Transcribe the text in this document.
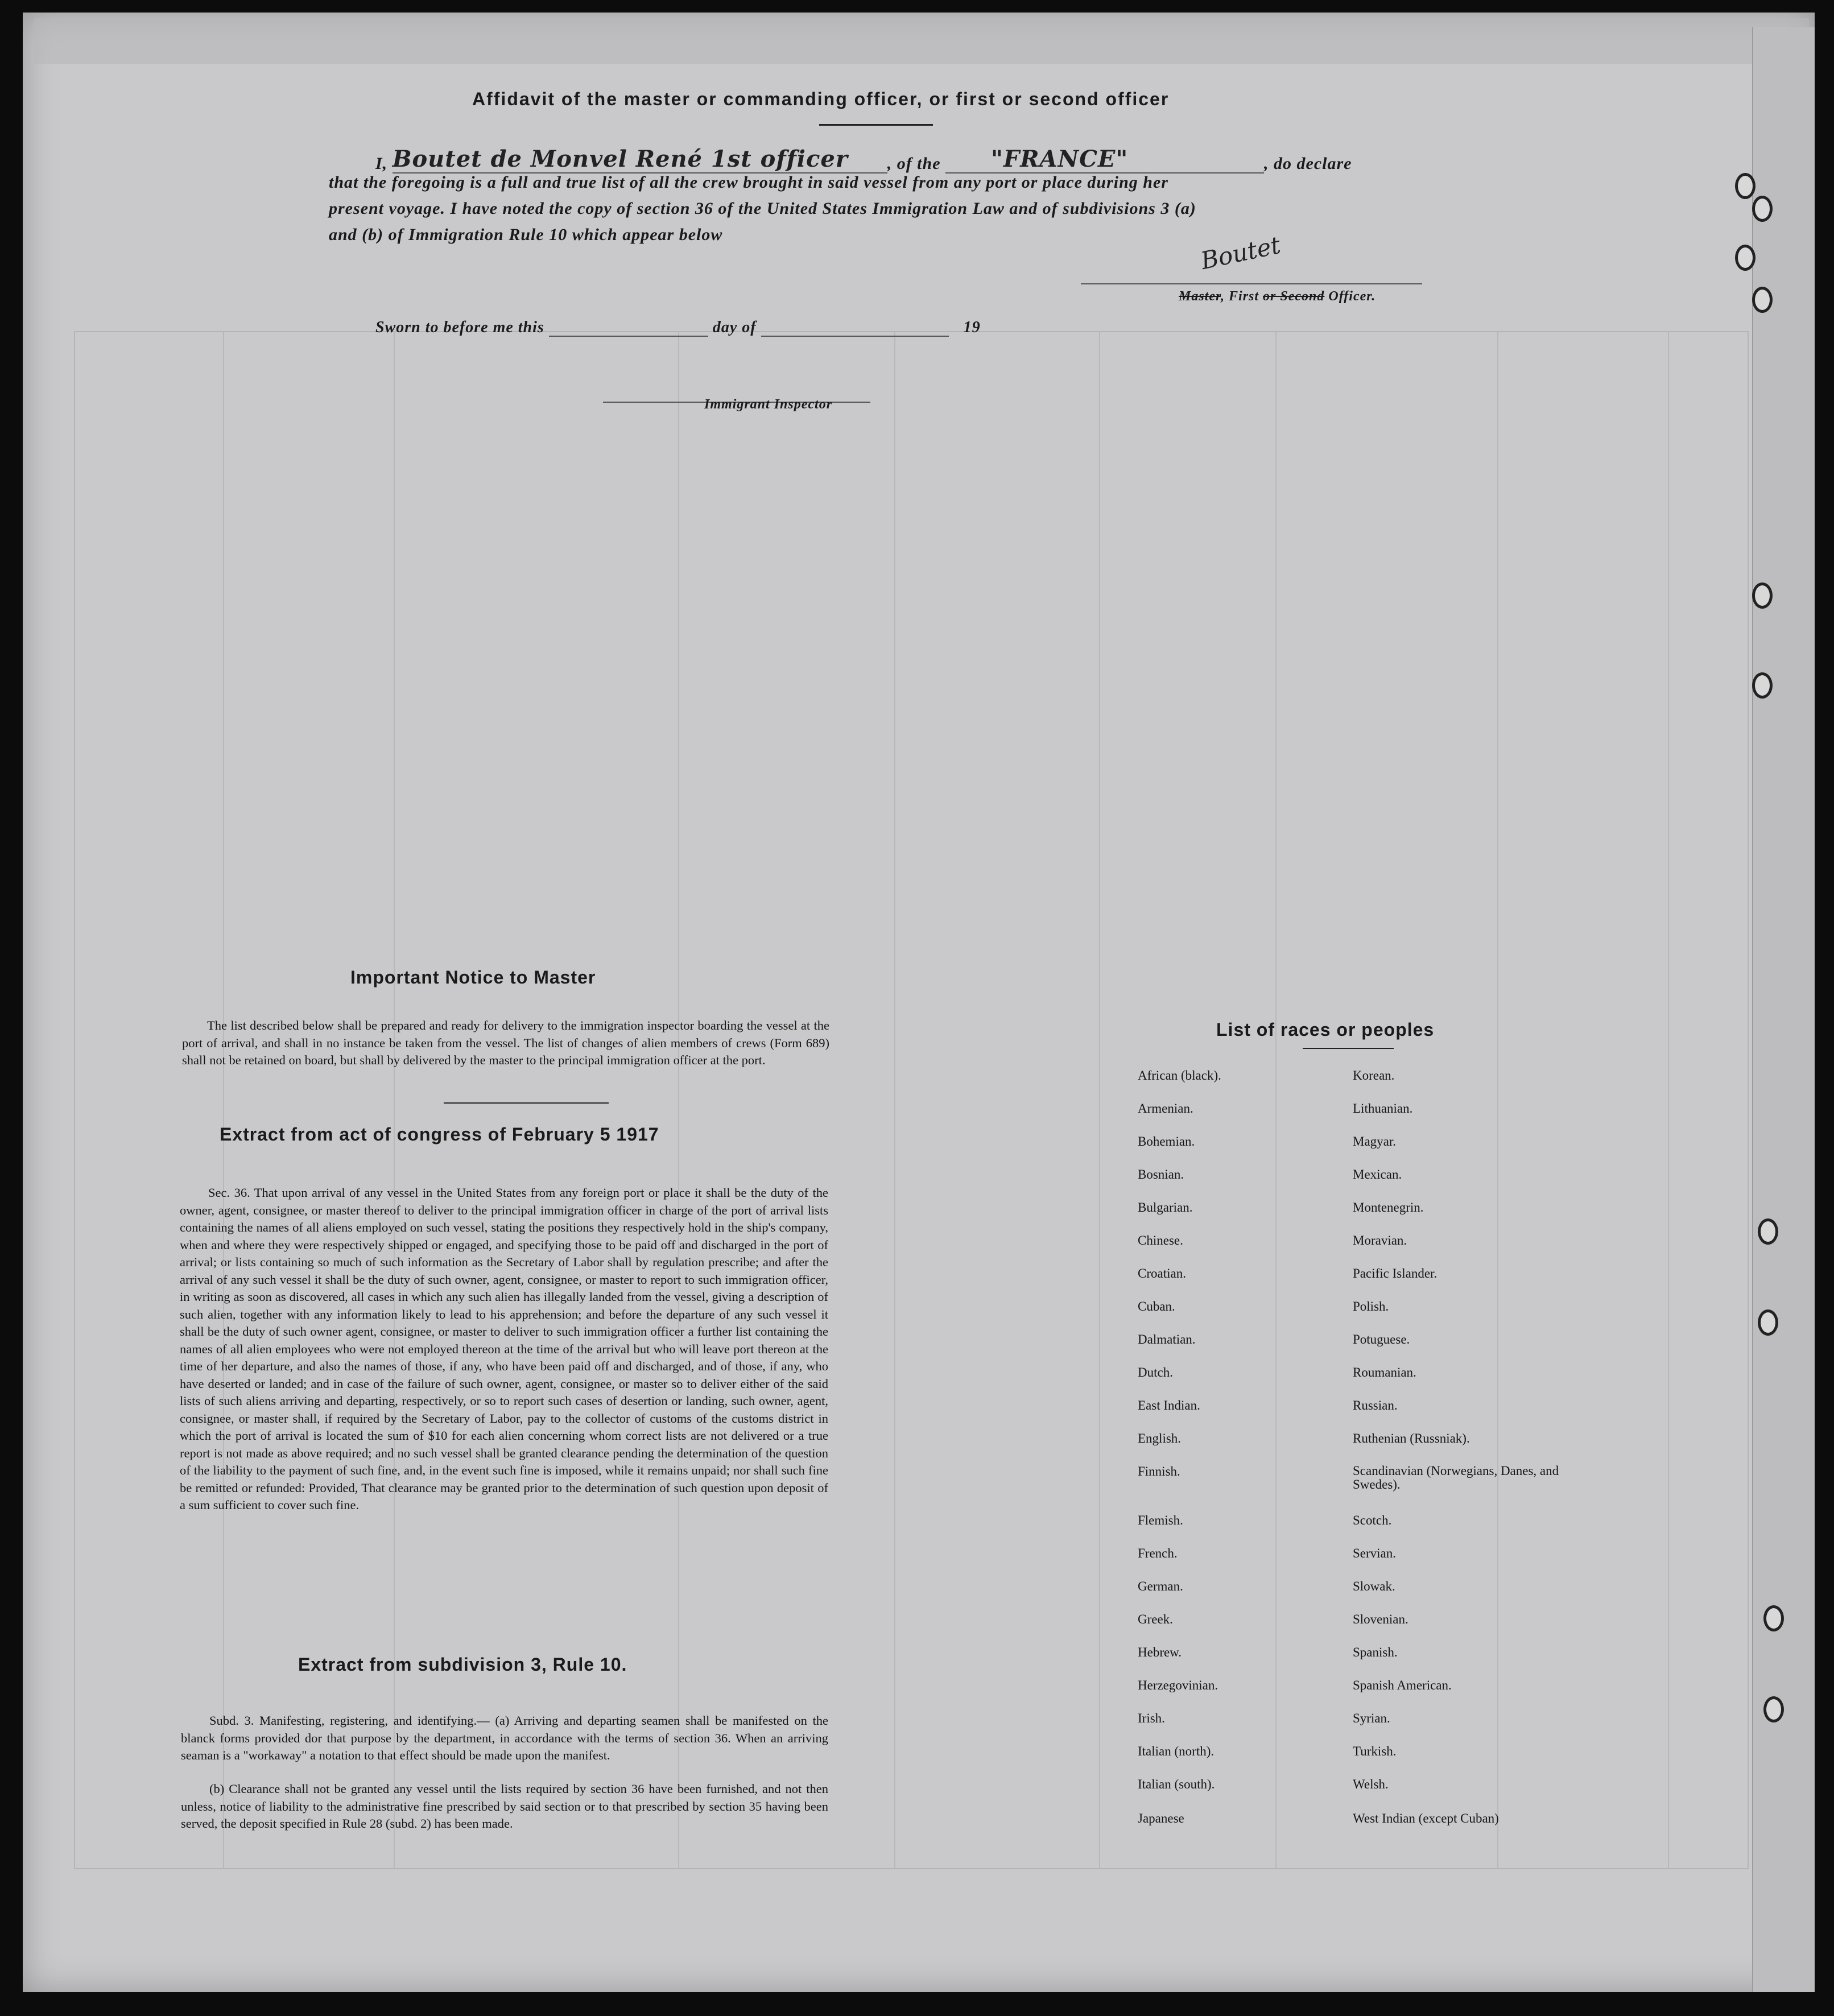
Affidavit of the master or commanding officer, or first or second officer
I, Boutet de Monvel René 1st officer , of the "FRANCE"	, do declare
that the foregoing is a full and true list of all the crew brought in said vessel from any port or place during her
present voyage. I have noted the copy of section 36 of the United States Immigration Law and of subdivisions 3 (a)
and (b) of Immigration Rule 10 which appear below	Boutet
Master, First or Second Officer.
Sworn to before me this	day of	19
Immigrant Inspector
Important Notice to Master
The list described below shall be prepared and ready for delivery to the immigration inspector boarding the vessel at the port of arrival, and shall in no instance be taken from the vessel. The list of changes of alien members of crews (Form 689) shall not be retained on board, but shall by delivered by the master to the principal immigration officer at the port.
Extract from act of congress of February 5 1917
Sec. 36. That upon arrival of any vessel in the United States from any foreign port or place it shall be the duty of the owner, agent, consignee, or master thereof to deliver to the principal immigration officer in charge of the port of arrival lists containing the names of all aliens employed on such vessel, stating the positions they respectively hold in the ship's company, when and where they were respectively shipped or engaged, and specifying those to be paid off and discharged in the port of arrival; or lists containing so much of such information as the Secretary of Labor shall by regulation prescribe; and after the arrival of any such vessel it shall be the duty of such owner, agent, consignee, or master to report to such immigration officer, in writing as soon as discovered, all cases in which any such alien has illegally landed from the vessel, giving a description of such alien, together with any information likely to lead to his apprehension; and before the departure of any such vessel it shall be the duty of such owner agent, consignee, or master to deliver to such immigration officer a further list containing the names of all alien employees who were not employed thereon at the time of the arrival but who will leave port thereon at the time of her departure, and also the names of those, if any, who have been paid off and discharged, and of those, if any, who have deserted or landed; and in case of the failure of such owner, agent, consignee, or master so to deliver either of the said lists of such aliens arriving and departing, respectively, or so to report such cases of desertion or landing, such owner, agent, consignee, or master shall, if required by the Secretary of Labor, pay to the collector of customs of the customs district in which the port of arrival is located the sum of $10 for each alien concerning whom correct lists are not delivered or a true report is not made as above required; and no such vessel shall be granted clearance pending the determination of the question of the liability to the payment of such fine, and, in the event such fine is imposed, while it remains unpaid; nor shall such fine be remitted or refunded: Provided, That clearance may be granted prior to the determination of such question upon deposit of a sum sufficient to cover such fine.
Extract from subdivision 3, Rule 10.
Subd. 3. Manifesting, registering, and identifying.— (a) Arriving and departing seamen shall be manifested on the blanck forms provided dor that purpose by the department, in accordance with the terms of section 36. When an arriving seaman is a "workaway" a notation to that effect should be made upon the manifest.
(b) Clearance shall not be granted any vessel until the lists required by section 36 have been furnished, and not then unless, notice of liability to the administrative fine prescribed by said section or to that prescribed by section 35 having been served, the deposit specified in Rule 28 (subd. 2) has been made.
List of races or peoples
African (black).	Korean.
Armenian.	Lithuanian.
Bohemian.	Magyar.
Bosnian.	Mexican.
Bulgarian.	Montenegrin.
Chinese.	Moravian.
Croatian.	Pacific Islander.
Cuban.	Polish.
Dalmatian.	Potuguese.
Dutch.	Roumanian.
East Indian.	Russian.
English.	Ruthenian (Russniak).
Finnish.	Scandinavian (Norwegians, Danes, and Swedes).
Flemish.	Scotch.
French.	Servian.
German.	Slowak.
Greek.	Slovenian.
Hebrew.	Spanish.
Herzegovinian.	Spanish American.
Irish.	Syrian.
Italian (north).	Turkish.
Italian (south).	Welsh.
Japanese	West Indian (except Cuban)
